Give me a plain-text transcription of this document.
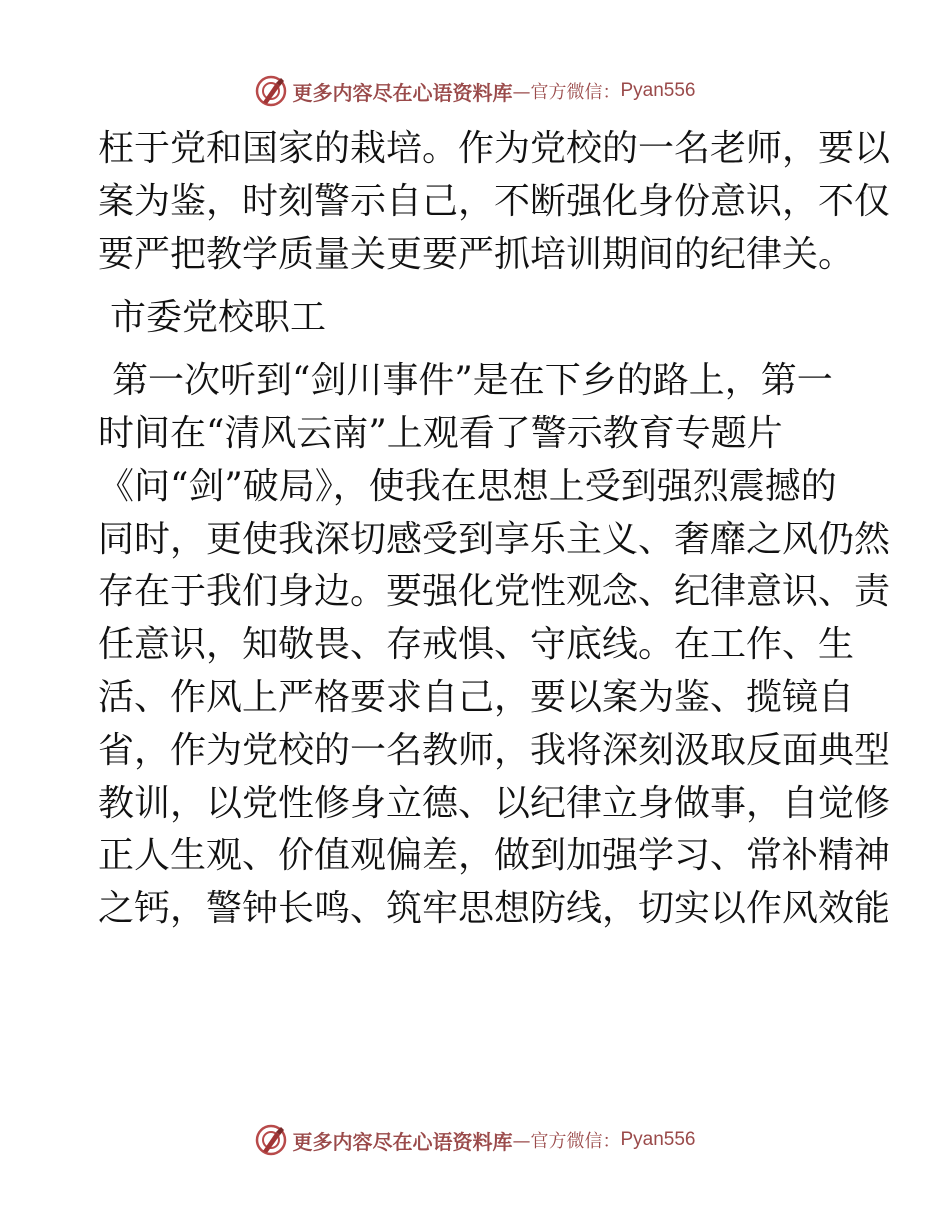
更多内容尽在心语资料库 —官方微信： Pyan556

枉于党和国家的栽培。作为党校的一名老师，要以
案为鉴，时刻警示自己，不断强化身份意识，不仅
要严把教学质量关更要严抓培训期间的纪律关。

市委党校职工

第一次听到“剑川事件”是在下乡的路上，第一
时间在“清风云南”上观看了警示教育专题片
《问“剑”破局》，使我在思想上受到强烈震撼的
同时，更使我深切感受到享乐主义、奢靡之风仍然
存在于我们身边。要强化党性观念、纪律意识、责
任意识，知敬畏、存戒惧、守底线。在工作、生
活、作风上严格要求自己，要以案为鉴、揽镜自
省，作为党校的一名教师，我将深刻汲取反面典型
教训，以党性修身立德、以纪律立身做事，自觉修
正人生观、价值观偏差，做到加强学习、常补精神
之钙，警钟长鸣、筑牢思想防线，切实以作风效能

更多内容尽在心语资料库 —官方微信： Pyan556
